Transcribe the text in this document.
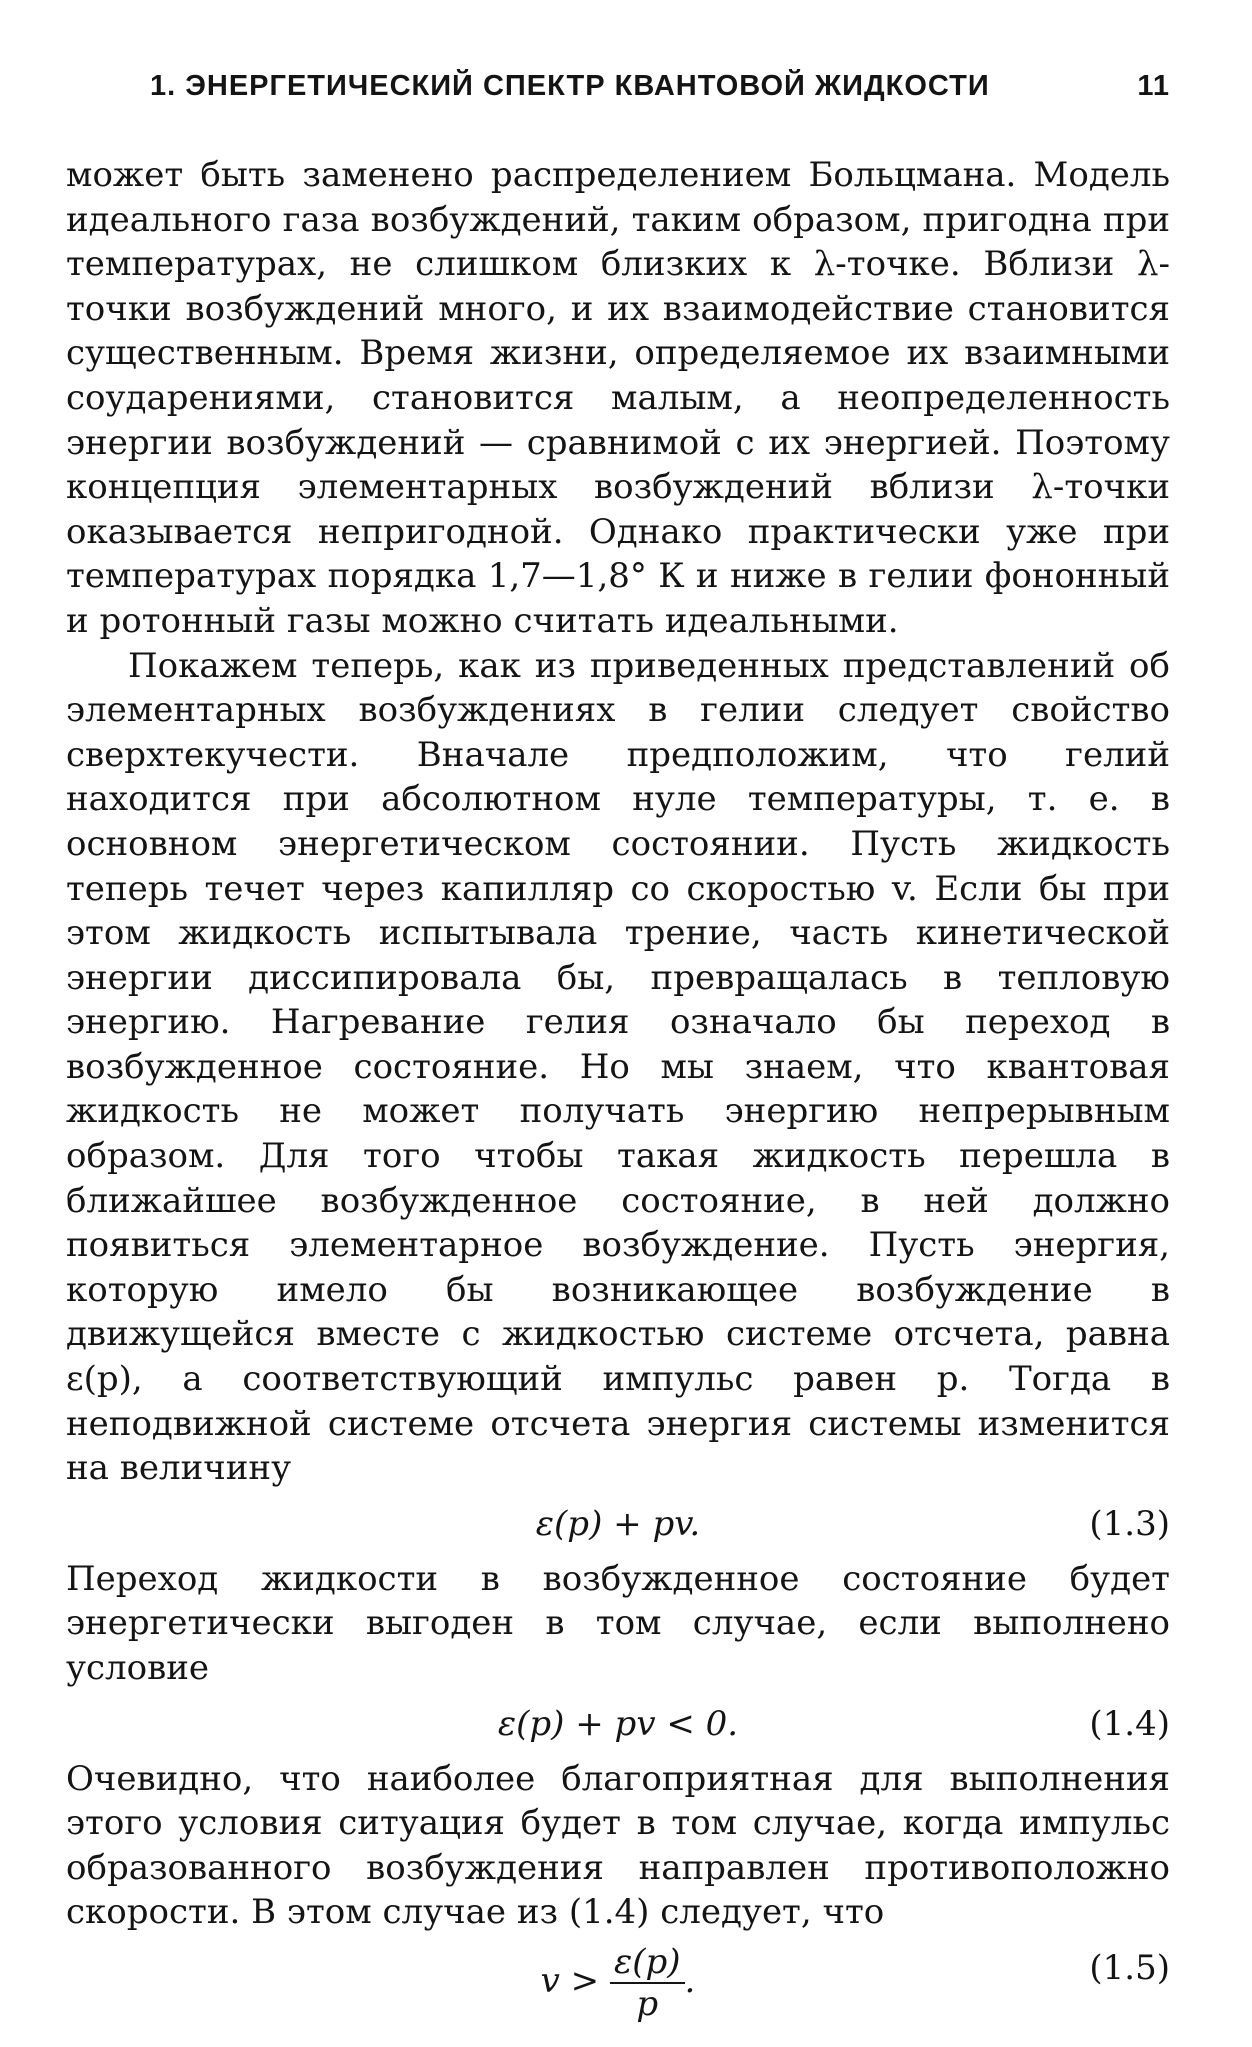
1. ЭНЕРГЕТИЧЕСКИЙ СПЕКТР КВАНТОВОЙ ЖИДКОСТИ	11

может быть заменено распределением Больцмана. Модель идеального газа возбуждений, таким образом, пригодна при температурах, не слишком близких к λ-точке. Вблизи λ-точки возбуждений много, и их взаимодействие становится существенным. Время жизни, определяемое их взаимными соударениями, становится малым, а неопределенность энергии возбуждений — сравнимой с их энергией. Поэтому концепция элементарных возбуждений вблизи λ-точки оказывается непригодной. Однако практически уже при температурах порядка 1,7—1,8° К и ниже в гелии фононный и ротонный газы можно считать идеальными.

Покажем теперь, как из приведенных представлений об элементарных возбуждениях в гелии следует свойство сверхтекучести. Вначале предположим, что гелий находится при абсолютном нуле температуры, т. е. в основном энергетическом состоянии. Пусть жидкость теперь течет через капилляр со скоростью v. Если бы при этом жидкость испытывала трение, часть кинетической энергии диссипировала бы, превращалась в тепловую энергию. Нагревание гелия означало бы переход в возбужденное состояние. Но мы знаем, что квантовая жидкость не может получать энергию непрерывным образом. Для того чтобы такая жидкость перешла в ближайшее возбужденное состояние, в ней должно появиться элементарное возбуждение. Пусть энергия, которую имело бы возникающее возбуждение в движущейся вместе с жидкостью системе отсчета, равна ε(p), а соответствующий импульс равен p. Тогда в неподвижной системе отсчета энергия системы изменится на величину

ε(p) + pv.	(1.3)

Переход жидкости в возбужденное состояние будет энергетически выгоден в том случае, если выполнено условие

ε(p) + pv < 0.	(1.4)

Очевидно, что наиболее благоприятная для выполнения этого условия ситуация будет в том случае, когда импульс образованного возбуждения направлен противоположно скорости. В этом случае из (1.4) следует, что

$v > \frac{\varepsilon(p)}{p}$ .	(1.5)
